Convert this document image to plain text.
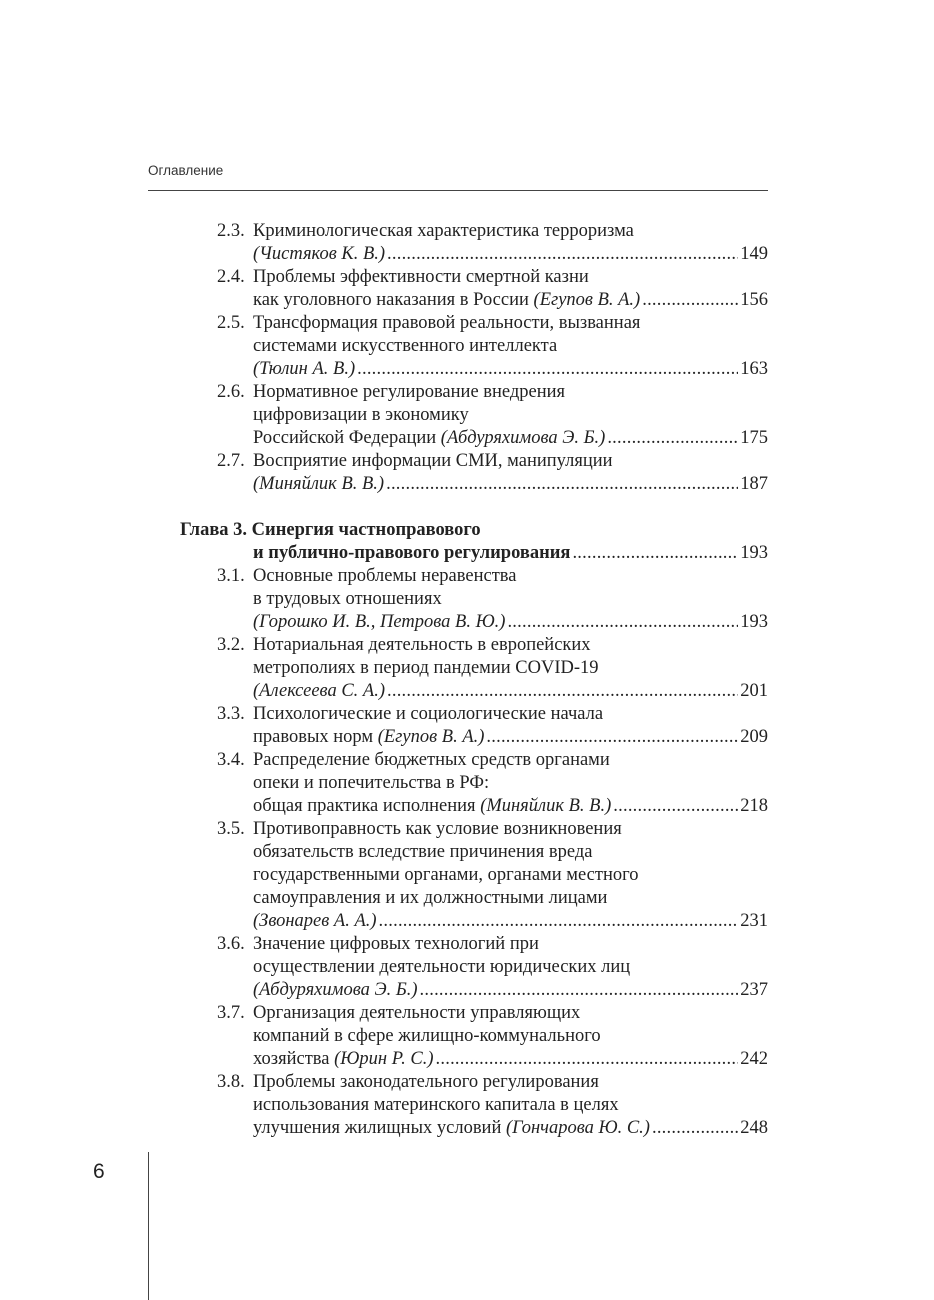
Оглавление
2.3. Криминологическая характеристика терроризма
(Чистяков К. В.) . . .	149
2.4. Проблемы эффективности смертной казни
как уголовного наказания в России (Егупов В. А.) . . .	156
2.5. Трансформация правовой реальности, вызванная
системами искусственного интеллекта
(Тюлин А. В.) . . .	163
2.6. Нормативное регулирование внедрения
цифровизации в экономику
Российской Федерации (Абдуряхимова Э. Б.) . . .	175
2.7. Восприятие информации СМИ, манипуляции
(Миняйлик В. В.) . . .	187
Глава 3. Синергия частноправового
и публично-правового регулирования . . .	193
3.1. Основные проблемы неравенства
в трудовых отношениях
(Горошко И. В., Петрова В. Ю.) . . .	193
3.2. Нотариальная деятельность в европейских
метрополиях в период пандемии COVID-19
(Алексеева С. А.) . . .	201
3.3. Психологические и социологические начала
правовых норм (Егупов В. А.) . . .	209
3.4. Распределение бюджетных средств органами
опеки и попечительства в РФ:
общая практика исполнения (Миняйлик В. В.) . . .	218
3.5. Противоправность как условие возникновения
обязательств вследствие причинения вреда
государственными органами, органами местного
самоуправления и их должностными лицами
(Звонарев А. А.) . . .	231
3.6. Значение цифровых технологий при
осуществлении деятельности юридических лиц
(Абдуряхимова Э. Б.) . . .	237
3.7. Организация деятельности управляющих
компаний в сфере жилищно-коммунального
хозяйства (Юрин Р. С.) . . .	242
3.8. Проблемы законодательного регулирования
использования материнского капитала в целях
улучшения жилищных условий (Гончарова Ю. С.) . . .	248
6
